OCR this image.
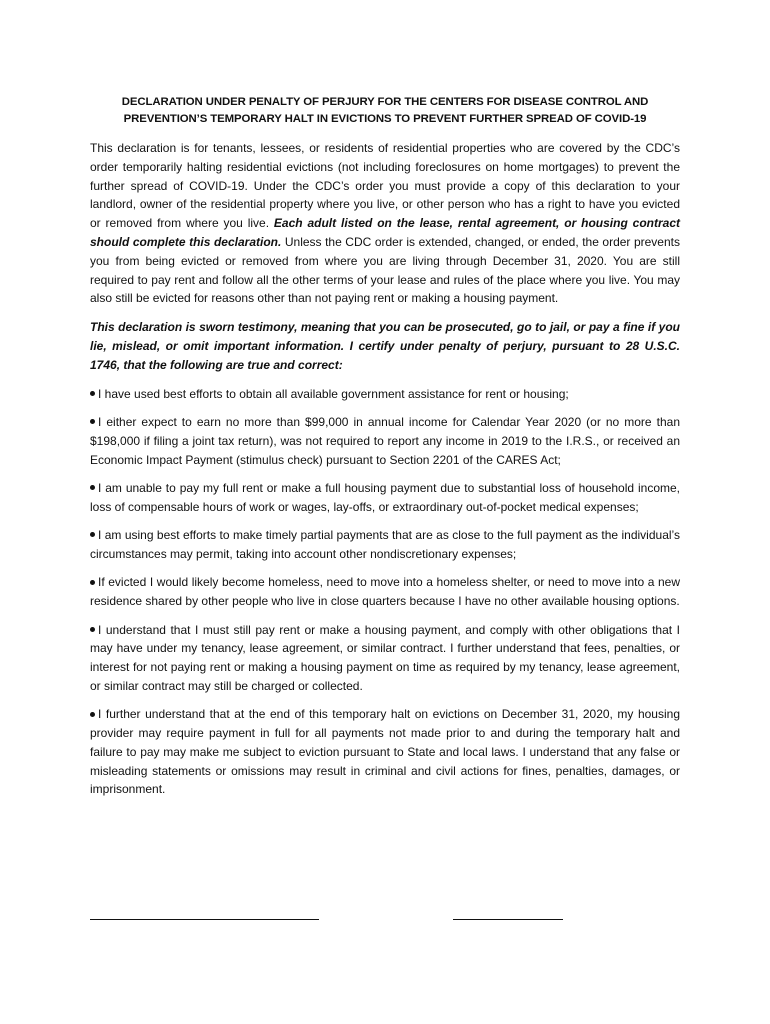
DECLARATION UNDER PENALTY OF PERJURY FOR THE CENTERS FOR DISEASE CONTROL AND
PREVENTION’S TEMPORARY HALT IN EVICTIONS TO PREVENT FURTHER SPREAD OF COVID-19

This declaration is for tenants, lessees, or residents of residential properties who are covered by the CDC’s order temporarily halting residential evictions (not including foreclosures on home mortgages) to prevent the further spread of COVID-19. Under the CDC’s order you must provide a copy of this declaration to your landlord, owner of the residential property where you live, or other person who has a right to have you evicted or removed from where you live. Each adult listed on the lease, rental agreement, or housing contract should complete this declaration. Unless the CDC order is extended, changed, or ended, the order prevents you from being evicted or removed from where you are living through December 31, 2020. You are still required to pay rent and follow all the other terms of your lease and rules of the place where you live. You may also still be evicted for reasons other than not paying rent or making a housing payment.

This declaration is sworn testimony, meaning that you can be prosecuted, go to jail, or pay a fine if you lie, mislead, or omit important information. I certify under penalty of perjury, pursuant to 28 U.S.C. 1746, that the following are true and correct:

I have used best efforts to obtain all available government assistance for rent or housing;

I either expect to earn no more than $99,000 in annual income for Calendar Year 2020 (or no more than $198,000 if filing a joint tax return), was not required to report any income in 2019 to the I.R.S., or received an Economic Impact Payment (stimulus check) pursuant to Section 2201 of the CARES Act;

I am unable to pay my full rent or make a full housing payment due to substantial loss of household income, loss of compensable hours of work or wages, lay-offs, or extraordinary out-of-pocket medical expenses;

I am using best efforts to make timely partial payments that are as close to the full payment as the individual’s circumstances may permit, taking into account other nondiscretionary expenses;

If evicted I would likely become homeless, need to move into a homeless shelter, or need to move into a new residence shared by other people who live in close quarters because I have no other available housing options.

I understand that I must still pay rent or make a housing payment, and comply with other obligations that I may have under my tenancy, lease agreement, or similar contract. I further understand that fees, penalties, or interest for not paying rent or making a housing payment on time as required by my tenancy, lease agreement, or similar contract may still be charged or collected.

I further understand that at the end of this temporary halt on evictions on December 31, 2020, my housing provider may require payment in full for all payments not made prior to and during the temporary halt and failure to pay may make me subject to eviction pursuant to State and local laws. I understand that any false or misleading statements or omissions may result in criminal and civil actions for fines, penalties, damages, or imprisonment.
